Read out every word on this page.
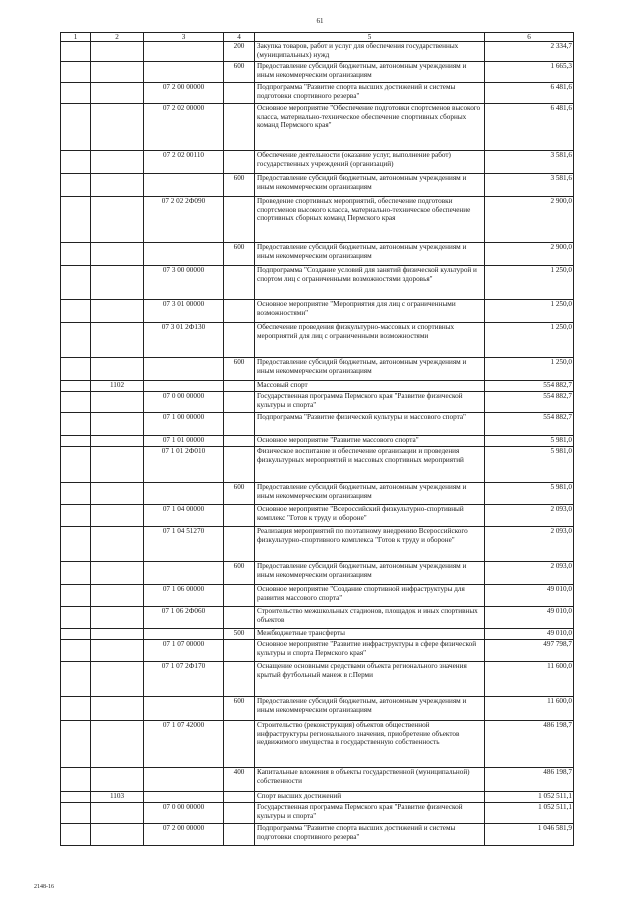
61
1	2	3	4	5	6
			200	Закупка товаров, работ и услуг для обеспечения государственных (муниципальных) нужд	2 334,7
			600	Предоставление субсидий бюджетным, автономным учреждениям и иным некоммерческим организациям	1 665,3
		07 2 00 00000		Подпрограмма "Развитие спорта высших достижений и системы подготовки спортивного резерва"	6 481,6
		07 2 02 00000		Основное мероприятие "Обеспечение подготовки спортсменов высокого класса, материально-техническое обеспечение спортивных сборных команд Пермского края"	6 481,6
		07 2 02 00110		Обеспечение деятельности (оказание услуг, выполнение работ) государственных учреждений (организаций)	3 581,6
			600	Предоставление субсидий бюджетным, автономным учреждениям и иным некоммерческим организациям	3 581,6
		07 2 02 2Ф090		Проведение спортивных мероприятий, обеспечение подготовки спортсменов высокого класса, материально-техническое обеспечение спортивных сборных команд Пермского края	2 900,0
			600	Предоставление субсидий бюджетным, автономным учреждениям и иным некоммерческим организациям	2 900,0
		07 3 00 00000		Подпрограмма "Создание условий для занятий физической культурой и спортом лиц с ограниченными возможностями здоровья"	1 250,0
		07 3 01 00000		Основное мероприятие "Мероприятия для лиц с ограниченными возможностями"	1 250,0
		07 3 01 2Ф130		Обеспечение проведения физкультурно-массовых и спортивных мероприятий для лиц с ограниченными возможностями	1 250,0
			600	Предоставление субсидий бюджетным, автономным учреждениям и иным некоммерческим организациям	1 250,0
	1102			Массовый спорт	554 882,7
		07 0 00 00000		Государственная программа Пермского края "Развитие физической культуры и спорта"	554 882,7
		07 1 00 00000		Подпрограмма "Развитие физической культуры и массового спорта"	554 882,7
		07 1 01 00000		Основное мероприятие "Развитие массового спорта"	5 981,0
		07 1 01 2Ф010		Физическое воспитание и обеспечение организации и проведения физкультурных мероприятий и массовых спортивных мероприятий	5 981,0
			600	Предоставление субсидий бюджетным, автономным учреждениям и иным некоммерческим организациям	5 981,0
		07 1 04 00000		Основное мероприятие "Всероссийский физкультурно-спортивный комплекс "Готов к труду и обороне"	2 093,0
		07 1 04 51270		Реализация мероприятий по поэтапному внедрению Всероссийского физкультурно-спортивного комплекса "Готов к труду и обороне"	2 093,0
			600	Предоставление субсидий бюджетным, автономным учреждениям и иным некоммерческим организациям	2 093,0
		07 1 06 00000		Основное мероприятие "Создание спортивной инфраструктуры для развития массового спорта"	49 010,0
		07 1 06 2Ф060		Строительство межшкольных стадионов, площадок и иных спортивных объектов	49 010,0
			500	Межбюджетные трансферты	49 010,0
		07 1 07 00000		Основное мероприятие "Развитие инфраструктуры в сфере физической культуры и спорта Пермского края"	497 798,7
		07 1 07 2Ф170		Оснащение основными средствами объекта регионального значения крытый футбольный манеж в г.Перми	11 600,0
			600	Предоставление субсидий бюджетным, автономным учреждениям и иным некоммерческим организациям	11 600,0
		07 1 07 42000		Строительство (реконструкция) объектов общественной инфраструктуры регионального значения, приобретение объектов недвижимого имущества в государственную собственность	486 198,7
			400	Капитальные вложения в объекты государственной (муниципальной) собственности	486 198,7
	1103			Спорт высших достижений	1 052 511,1
		07 0 00 00000		Государственная программа Пермского края "Развитие физической культуры и спорта"	1 052 511,1
		07 2 00 00000		Подпрограмма "Развитие спорта высших достижений и системы подготовки спортивного резерва"	1 046 581,9
2148-16
